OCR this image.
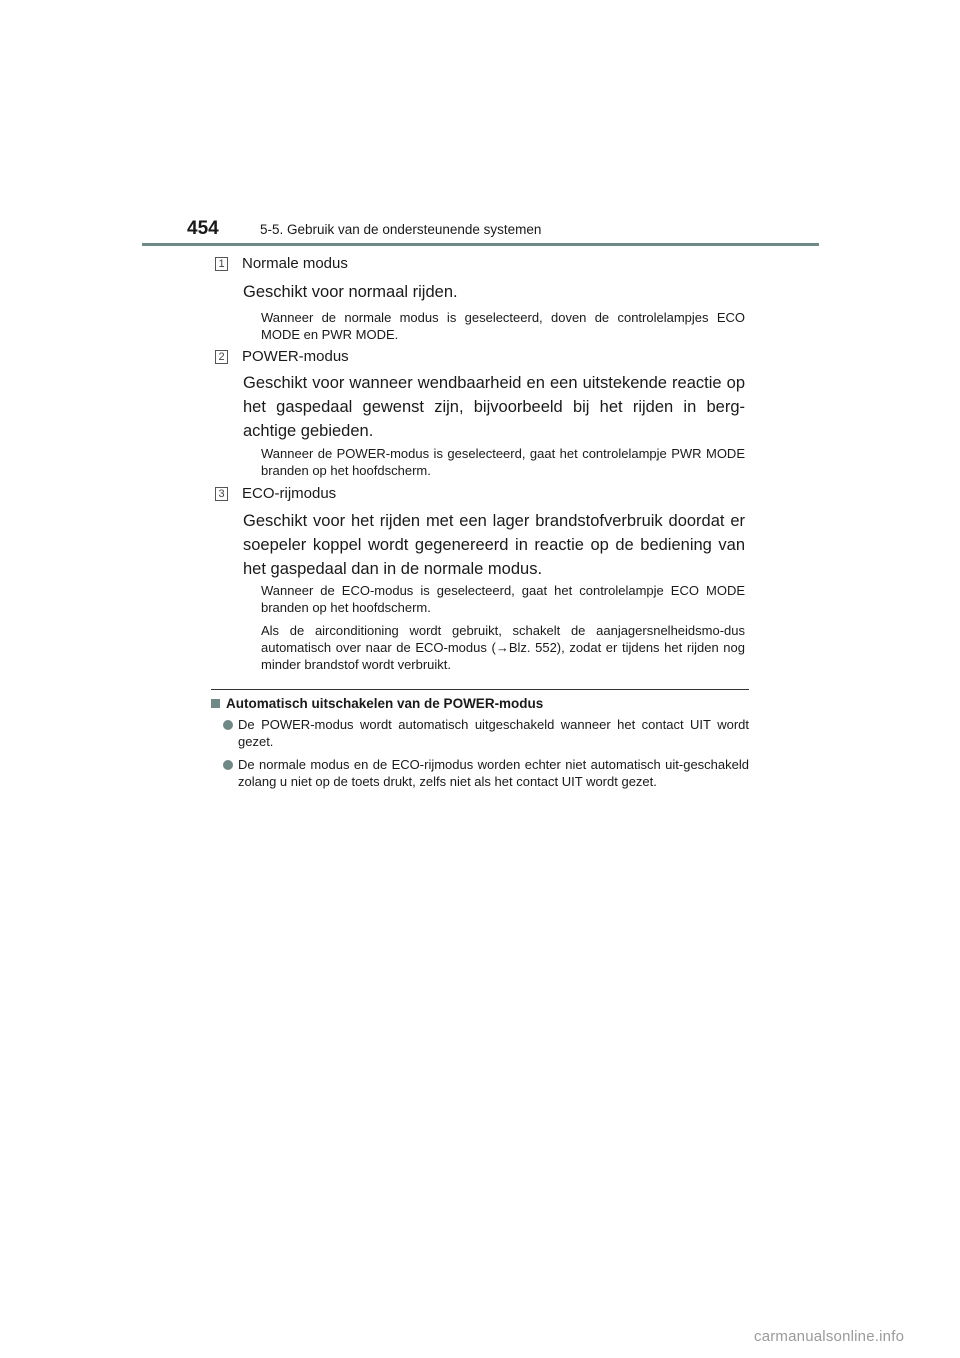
454	5-5. Gebruik van de ondersteunende systemen
1 Normale modus
Geschikt voor normaal rijden.
Wanneer de normale modus is geselecteerd, doven de controlelampjes ECO MODE en PWR MODE.
2 POWER-modus
Geschikt voor wanneer wendbaarheid en een uitstekende reactie op het gaspedaal gewenst zijn, bijvoorbeeld bij het rijden in berg-achtige gebieden.
Wanneer de POWER-modus is geselecteerd, gaat het controlelampje PWR MODE branden op het hoofdscherm.
3 ECO-rijmodus
Geschikt voor het rijden met een lager brandstofverbruik doordat er soepeler koppel wordt gegenereerd in reactie op de bediening van het gaspedaal dan in de normale modus.
Wanneer de ECO-modus is geselecteerd, gaat het controlelampje ECO MODE branden op het hoofdscherm.
Als de airconditioning wordt gebruikt, schakelt de aanjagersnelheidsmo-dus automatisch over naar de ECO-modus (→Blz. 552), zodat er tijdens het rijden nog minder brandstof wordt verbruikt.
Automatisch uitschakelen van de POWER-modus
De POWER-modus wordt automatisch uitgeschakeld wanneer het contact UIT wordt gezet.
De normale modus en de ECO-rijmodus worden echter niet automatisch uit-geschakeld zolang u niet op de toets drukt, zelfs niet als het contact UIT wordt gezet.
carmanualsonline.info
